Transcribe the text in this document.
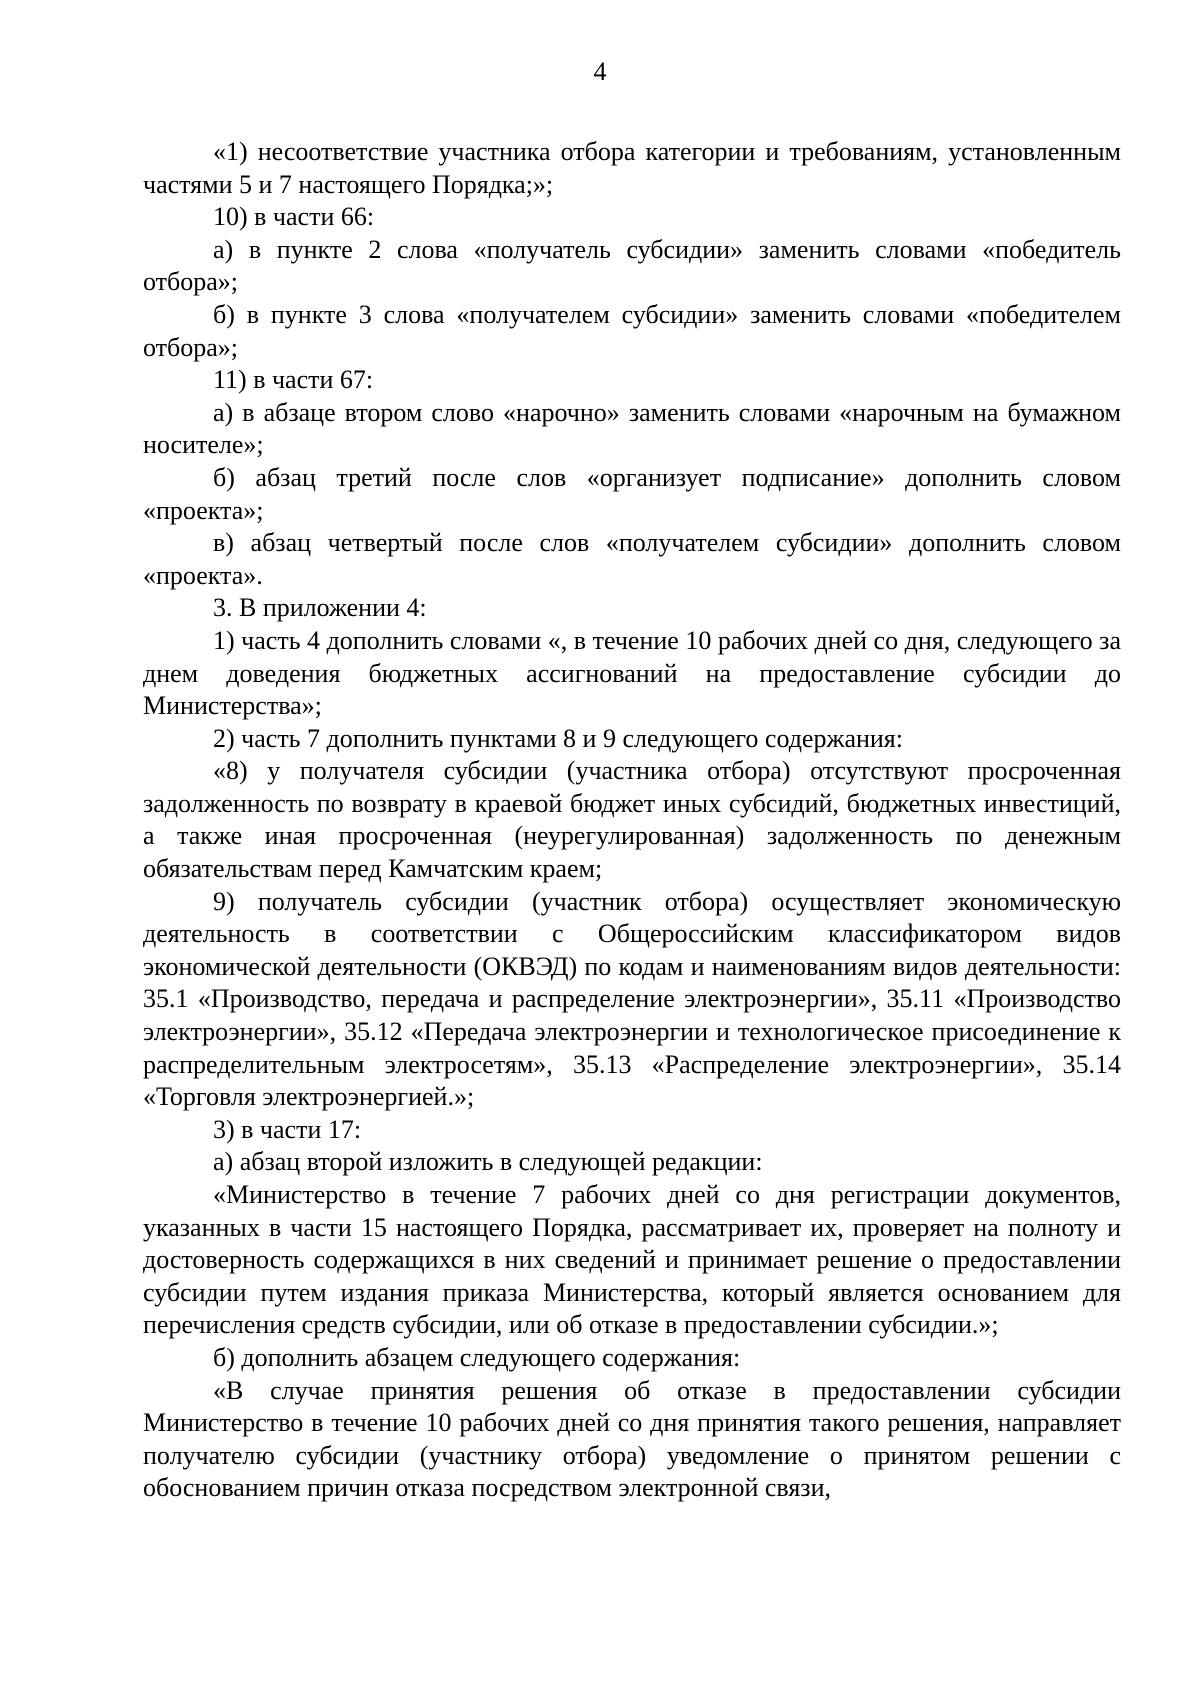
4

«1) несоответствие участника отбора категории и требованиям, установленным частями 5 и 7 настоящего Порядка;»;

10) в части 66:

а) в пункте 2 слова «получатель субсидии» заменить словами «победитель отбора»;

б) в пункте 3 слова «получателем субсидии» заменить словами «победителем отбора»;

11) в части 67:

а) в абзаце втором слово «нарочно» заменить словами «нарочным на бумажном носителе»;

б) абзац третий после слов «организует подписание» дополнить словом «проекта»;

в) абзац четвертый после слов «получателем субсидии» дополнить словом «проекта».

3. В приложении 4:

1) часть 4 дополнить словами «, в течение 10 рабочих дней со дня, следующего за днем доведения бюджетных ассигнований на предоставление субсидии до Министерства»;

2) часть 7 дополнить пунктами 8 и 9 следующего содержания:

«8) у получателя субсидии (участника отбора) отсутствуют просроченная задолженность по возврату в краевой бюджет иных субсидий, бюджетных инвестиций, а также иная просроченная (неурегулированная) задолженность по денежным обязательствам перед Камчатским краем;

9) получатель субсидии (участник отбора) осуществляет экономическую деятельность в соответствии с Общероссийским классификатором видов экономической деятельности (ОКВЭД) по кодам и наименованиям видов деятельности: 35.1 «Производство, передача и распределение электроэнергии», 35.11 «Производство электроэнергии», 35.12 «Передача электроэнергии и технологическое присоединение к распределительным электросетям», 35.13 «Распределение электроэнергии», 35.14 «Торговля электроэнергией.»;

3) в части 17:

а) абзац второй изложить в следующей редакции:

«Министерство в течение 7 рабочих дней со дня регистрации документов, указанных в части 15 настоящего Порядка, рассматривает их, проверяет на полноту и достоверность содержащихся в них сведений и принимает решение о предоставлении субсидии путем издания приказа Министерства, который является основанием для перечисления средств субсидии, или об отказе в предоставлении субсидии.»;

б) дополнить абзацем следующего содержания:

«В случае принятия решения об отказе в предоставлении субсидии Министерство в течение 10 рабочих дней со дня принятия такого решения, направляет получателю субсидии (участнику отбора) уведомление о принятом решении с обоснованием причин отказа посредством электронной связи,
